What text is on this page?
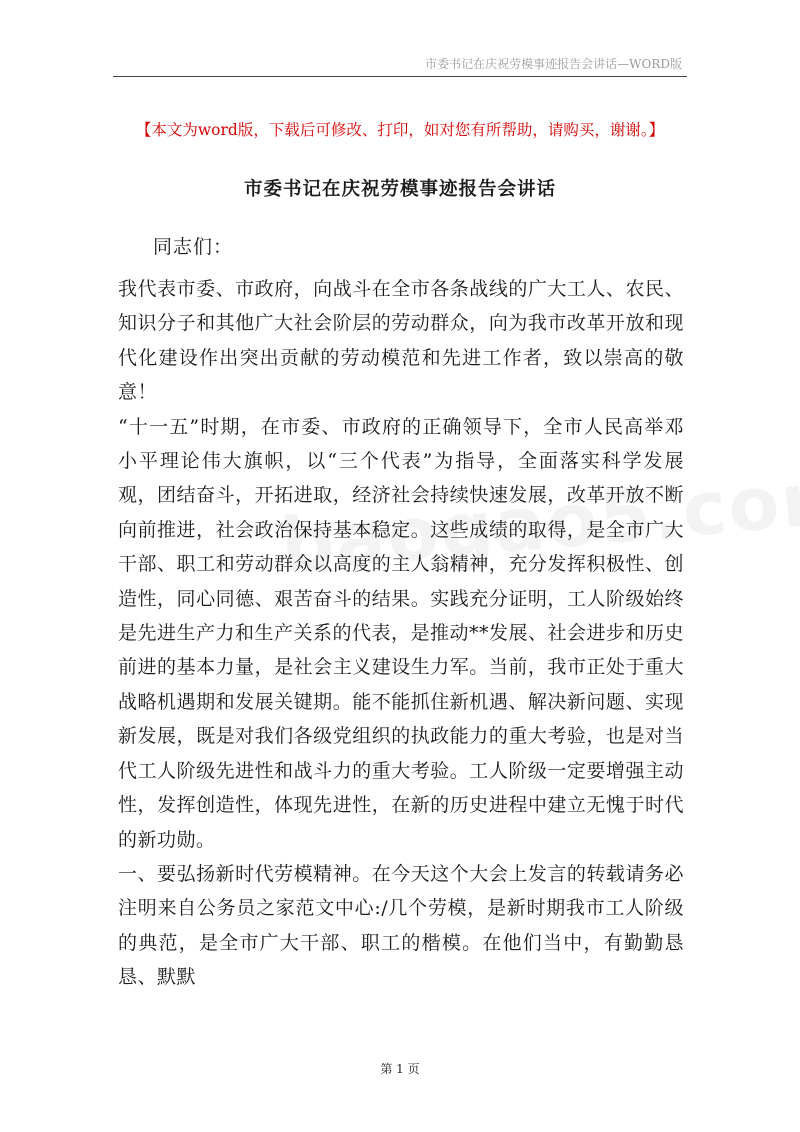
市委书记在庆祝劳模事迹报告会讲话—WORD版
【本文为word版，下载后可修改、打印，如对您有所帮助，请购买，谢谢。】
市委书记在庆祝劳模事迹报告会讲话
同志们：

我代表市委、市政府，向战斗在全市各条战线的广大工人、农民、知识分子和其他广大社会阶层的劳动群众，向为我市改革开放和现代化建设作出突出贡献的劳动模范和先进工作者，致以崇高的敬意！

“十一五”时期，在市委、市政府的正确领导下，全市人民高举邓小平理论伟大旗帜，以“三个代表”为指导，全面落实科学发展观，团结奋斗，开拓进取，经济社会持续快速发展，改革开放不断向前推进，社会政治保持基本稳定。这些成绩的取得，是全市广大干部、职工和劳动群众以高度的主人翁精神，充分发挥积极性、创造性，同心同德、艰苦奋斗的结果。实践充分证明，工人阶级始终是先进生产力和生产关系的代表，是推动**发展、社会进步和历史前进的基本力量，是社会主义建设生力军。当前，我市正处于重大战略机遇期和发展关键期。能不能抓住新机遇、解决新问题、实现新发展，既是对我们各级党组织的执政能力的重大考验，也是对当代工人阶级先进性和战斗力的重大考验。工人阶级一定要增强主动性，发挥创造性，体现先进性，在新的历史进程中建立无愧于时代的新功勋。

一、要弘扬新时代劳模精神。在今天这个大会上发言的转载请务必注明来自公务员之家范文中心:/几个劳模，是新时期我市工人阶级的典范，是全市广大干部、职工的楷模。在他们当中，有勤勤恳恳、默默

第 1 页
